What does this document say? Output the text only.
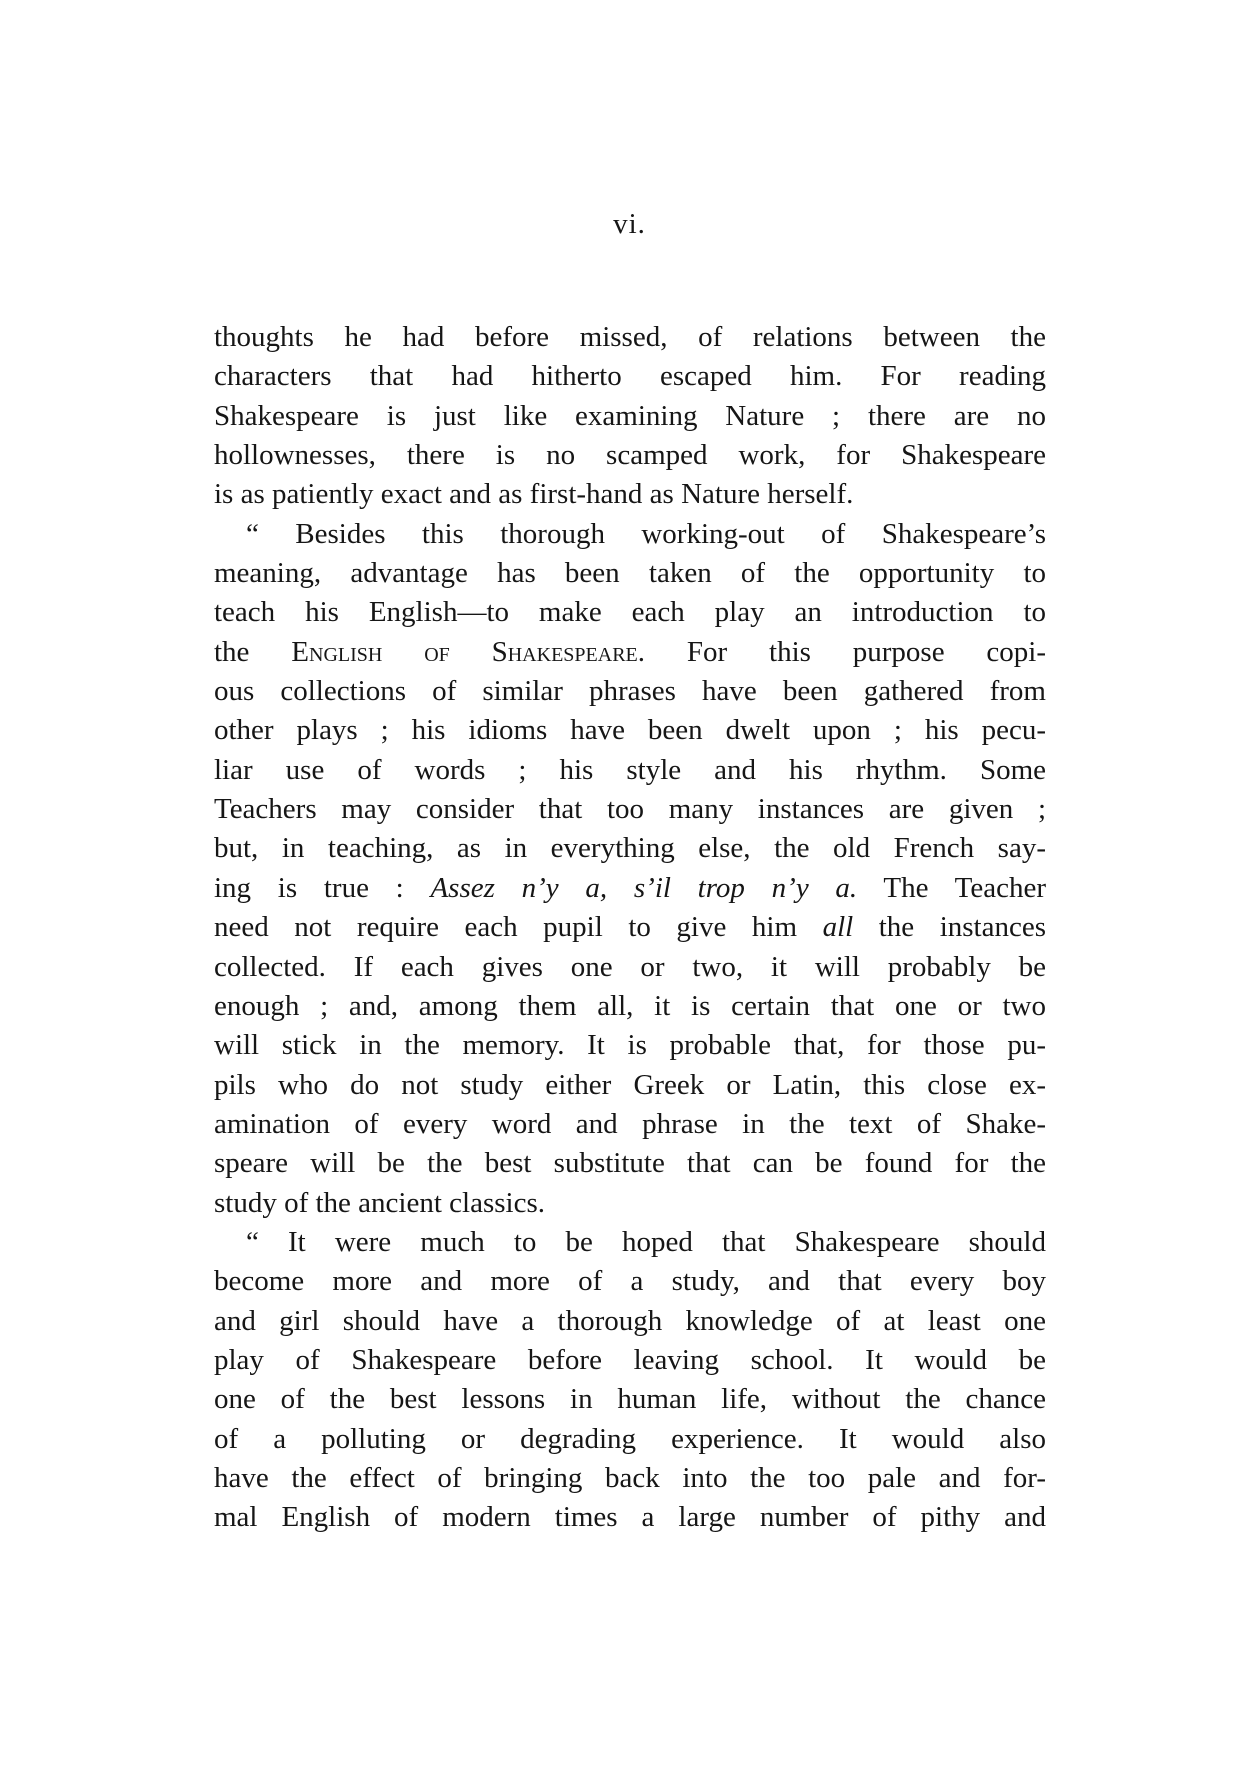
vi.
thoughts he had before missed, of relations between the
characters that had hitherto escaped him. For reading
Shakespeare is just like examining Nature ; there are no
hollownesses, there is no scamped work, for Shakespeare
is as patiently exact and as first-hand as Nature herself.
“ Besides this thorough working-out of Shakespeare’s
meaning, advantage has been taken of the opportunity to
teach his English—to make each play an introduction to
the English of Shakespeare. For this purpose copi-
ous collections of similar phrases have been gathered from
other plays ; his idioms have been dwelt upon ; his pecu-
liar use of words ; his style and his rhythm. Some
Teachers may consider that too many instances are given ;
but, in teaching, as in everything else, the old French say-
ing is true : Assez n’y a, s’il trop n’y a. The Teacher
need not require each pupil to give him all the instances
collected. If each gives one or two, it will probably be
enough ; and, among them all, it is certain that one or two
will stick in the memory. It is probable that, for those pu-
pils who do not study either Greek or Latin, this close ex-
amination of every word and phrase in the text of Shake-
speare will be the best substitute that can be found for the
study of the ancient classics.
“ It were much to be hoped that Shakespeare should
become more and more of a study, and that every boy
and girl should have a thorough knowledge of at least one
play of Shakespeare before leaving school. It would be
one of the best lessons in human life, without the chance
of a polluting or degrading experience. It would also
have the effect of bringing back into the too pale and for-
mal English of modern times a large number of pithy and
